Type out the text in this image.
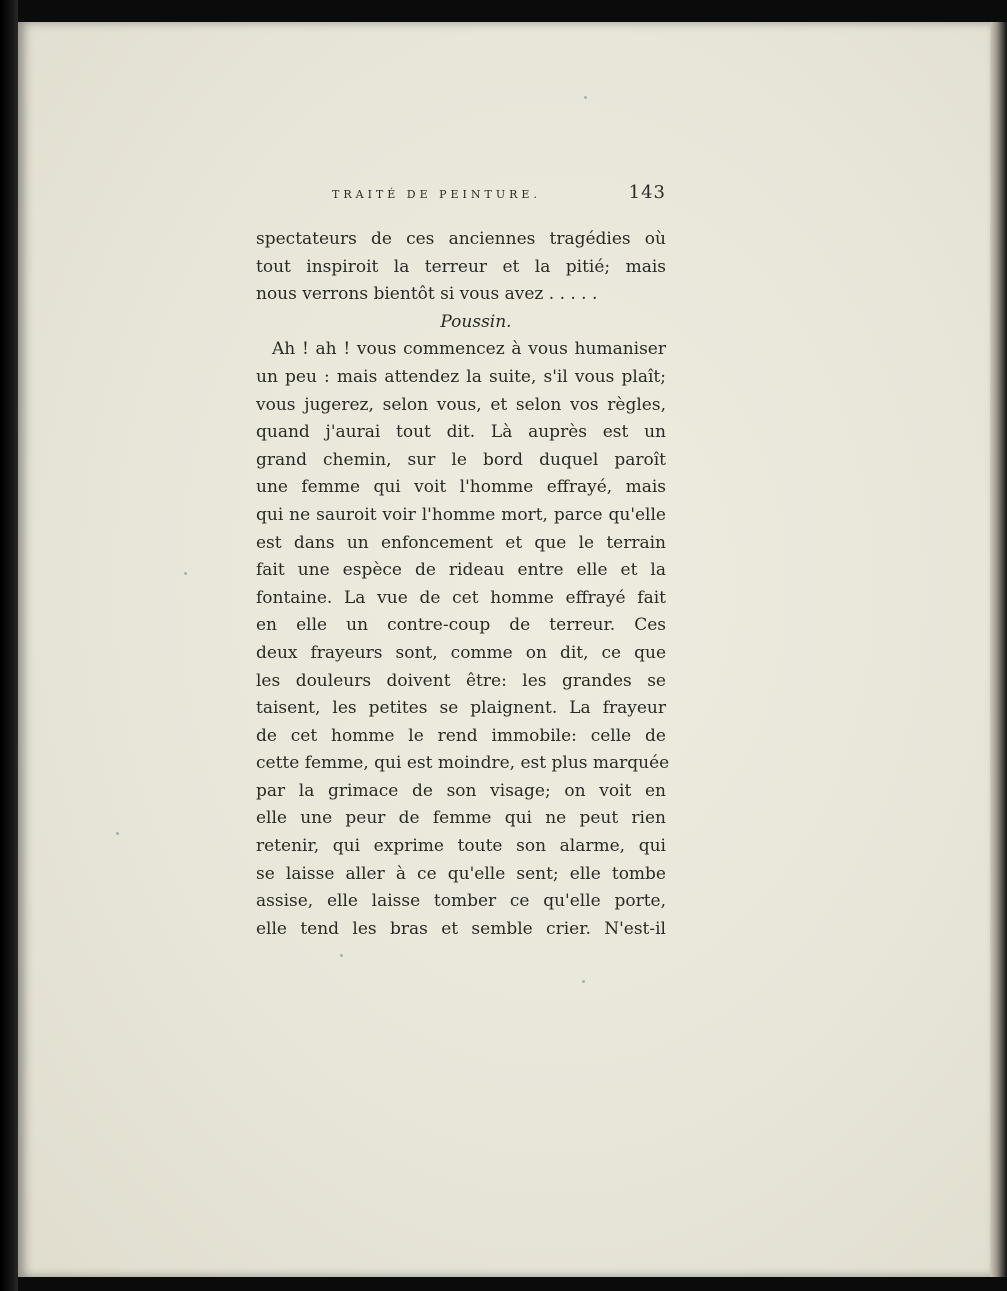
TRAITÉ DE PEINTURE.	143
spectateurs de ces anciennes tragédies où
tout inspiroit la terreur et la pitié; mais
nous verrons bientôt si vous avez . . . . .
Poussin.
Ah ! ah ! vous commencez à vous humaniser
un peu : mais attendez la suite, s'il vous plaît;
vous jugerez, selon vous, et selon vos règles,
quand j'aurai tout dit. Là auprès est un
grand chemin, sur le bord duquel paroît
une femme qui voit l'homme effrayé, mais
qui ne sauroit voir l'homme mort, parce qu'elle
est dans un enfoncement et que le terrain
fait une espèce de rideau entre elle et la
fontaine. La vue de cet homme effrayé fait
en elle un contre-coup de terreur. Ces
deux frayeurs sont, comme on dit, ce que
les douleurs doivent être: les grandes se
taisent, les petites se plaignent. La frayeur
de cet homme le rend immobile: celle de
cette femme, qui est moindre, est plus marquée
par la grimace de son visage; on voit en
elle une peur de femme qui ne peut rien
retenir, qui exprime toute son alarme, qui
se laisse aller à ce qu'elle sent; elle tombe
assise, elle laisse tomber ce qu'elle porte,
elle tend les bras et semble crier. N'est-il
